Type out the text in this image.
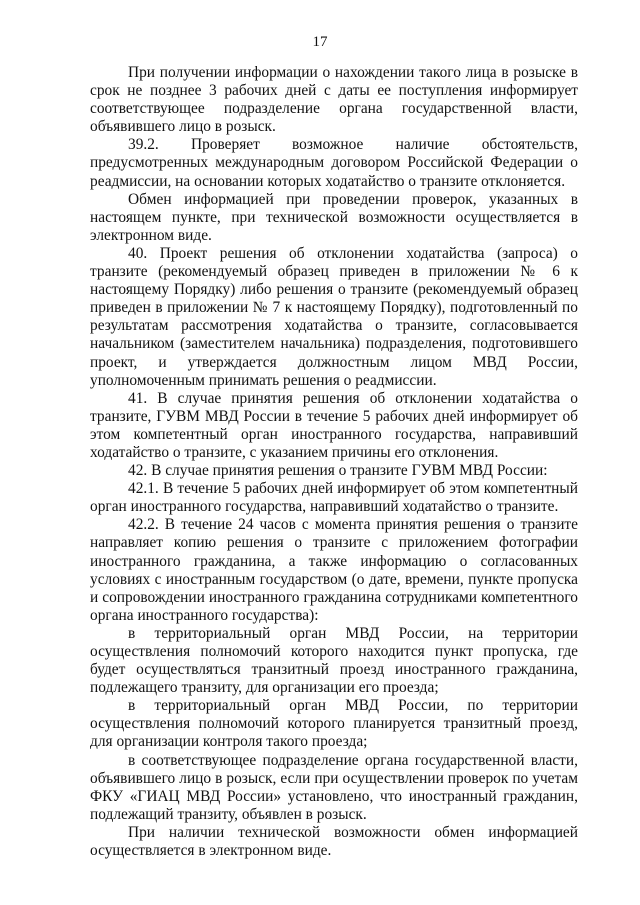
17

При получении информации о нахождении такого лица в розыске в срок не позднее 3 рабочих дней с даты ее поступления информирует соответствующее подразделение органа государственной власти, объявившего лицо в розыск.

39.2. Проверяет возможное наличие обстоятельств, предусмотренных международным договором Российской Федерации о реадмиссии, на основании которых ходатайство о транзите отклоняется.

Обмен информацией при проведении проверок, указанных в настоящем пункте, при технической возможности осуществляется в электронном виде.

40. Проект решения об отклонении ходатайства (запроса) о транзите (рекомендуемый образец приведен в приложении № 6 к настоящему Порядку) либо решения о транзите (рекомендуемый образец приведен в приложении № 7 к настоящему Порядку), подготовленный по результатам рассмотрения ходатайства о транзите, согласовывается начальником (заместителем начальника) подразделения, подготовившего проект, и утверждается должностным лицом МВД России, уполномоченным принимать решения о реадмиссии.

41. В случае принятия решения об отклонении ходатайства о транзите, ГУВМ МВД России в течение 5 рабочих дней информирует об этом компетентный орган иностранного государства, направивший ходатайство о транзите, с указанием причины его отклонения.

42. В случае принятия решения о транзите ГУВМ МВД России:

42.1. В течение 5 рабочих дней информирует об этом компетентный орган иностранного государства, направивший ходатайство о транзите.

42.2. В течение 24 часов с момента принятия решения о транзите направляет копию решения о транзите с приложением фотографии иностранного гражданина, а также информацию о согласованных условиях с иностранным государством (о дате, времени, пункте пропуска и сопровождении иностранного гражданина сотрудниками компетентного органа иностранного государства):

в территориальный орган МВД России, на территории осуществления полномочий которого находится пункт пропуска, где будет осуществляться транзитный проезд иностранного гражданина, подлежащего транзиту, для организации его проезда;

в территориальный орган МВД России, по территории осуществления полномочий которого планируется транзитный проезд, для организации контроля такого проезда;

в соответствующее подразделение органа государственной власти, объявившего лицо в розыск, если при осуществлении проверок по учетам ФКУ «ГИАЦ МВД России» установлено, что иностранный гражданин, подлежащий транзиту, объявлен в розыск.

При наличии технической возможности обмен информацией осуществляется в электронном виде.
